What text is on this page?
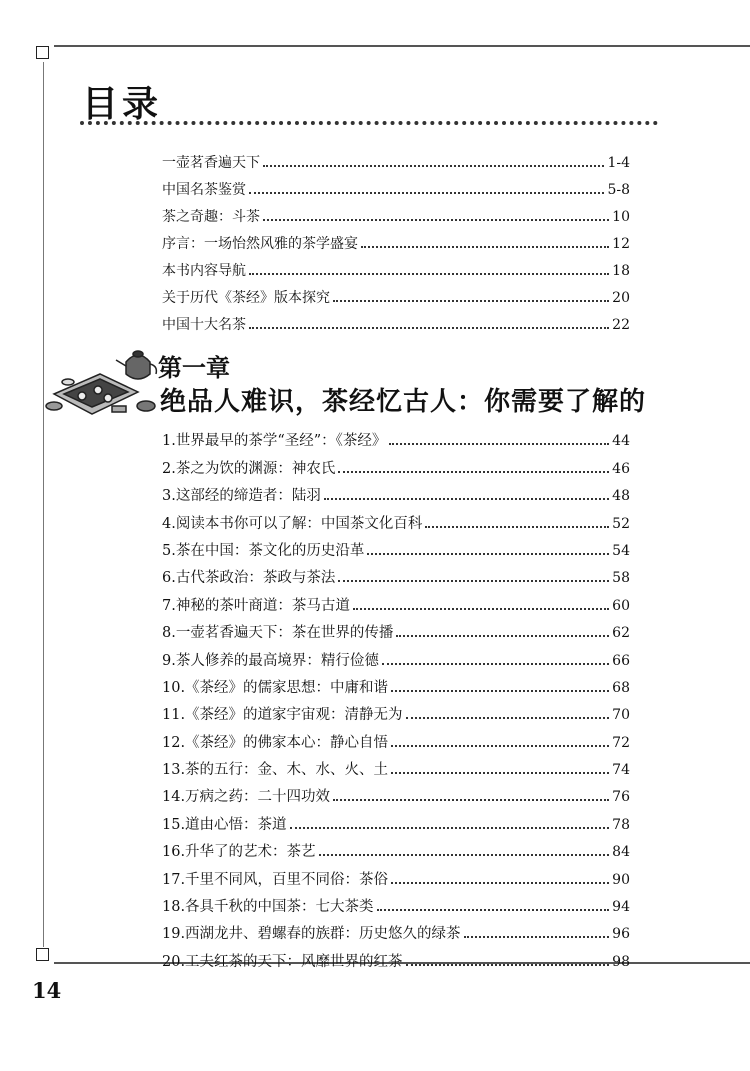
目录
一壶茗香遍天下	1-4
中国名茶鉴赏	5-8
茶之奇趣：斗茶	10
序言：一场怡然风雅的茶学盛宴	12
本书内容导航	18
关于历代《茶经》版本探究	20
中国十大名茶	22
第一章
绝品人难识，茶经忆古人：你需要了解的
1.世界最早的茶学“圣经”：《茶经》	44
2.茶之为饮的渊源：神农氏	46
3.这部经的缔造者：陆羽	48
4.阅读本书你可以了解：中国茶文化百科	52
5.茶在中国：茶文化的历史沿革	54
6.古代茶政治：茶政与茶法	58
7.神秘的茶叶商道：茶马古道	60
8.一壶茗香遍天下：茶在世界的传播	62
9.茶人修养的最高境界：精行俭德	66
10.《茶经》的儒家思想：中庸和谐	68
11.《茶经》的道家宇宙观：清静无为	70
12.《茶经》的佛家本心：静心自悟	72
13.茶的五行：金、木、水、火、土	74
14.万病之药：二十四功效	76
15.道由心悟：茶道	78
16.升华了的艺术：茶艺	84
17.千里不同风，百里不同俗：茶俗	90
18.各具千秋的中国茶：七大茶类	94
19.西湖龙井、碧螺春的族群：历史悠久的绿茶	96
20.工夫红茶的天下：风靡世界的红茶	98
14
